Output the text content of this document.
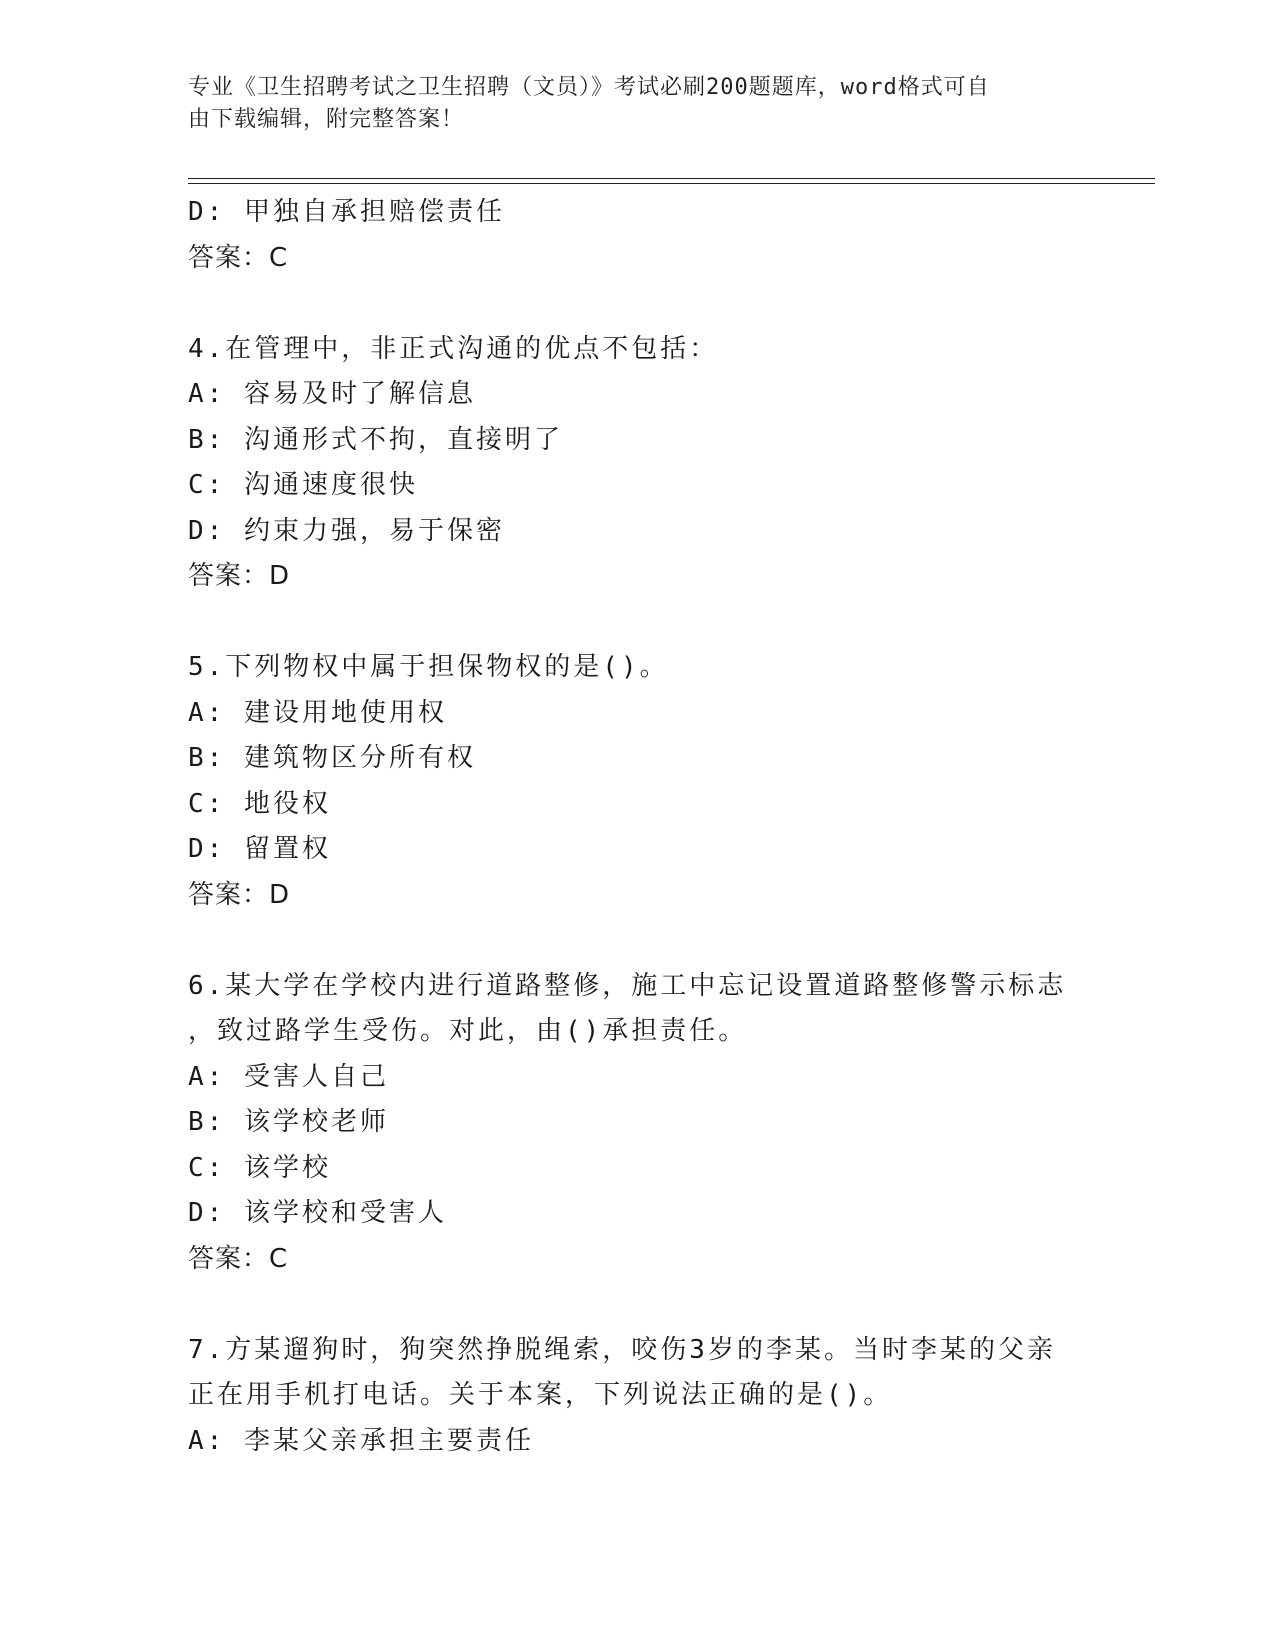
专业《卫生招聘考试之卫生招聘（文员）》考试必刷200题题库，word格式可自
由下载编辑，附完整答案！
D: 甲独自承担赔偿责任
答案：C
4.在管理中，非正式沟通的优点不包括：
A: 容易及时了解信息
B: 沟通形式不拘，直接明了
C: 沟通速度很快
D: 约束力强，易于保密
答案：D
5.下列物权中属于担保物权的是()。
A: 建设用地使用权
B: 建筑物区分所有权
C: 地役权
D: 留置权
答案：D
6.某大学在学校内进行道路整修，施工中忘记设置道路整修警示标志
，致过路学生受伤。对此，由()承担责任。
A: 受害人自己
B: 该学校老师
C: 该学校
D: 该学校和受害人
答案：C
7.方某遛狗时，狗突然挣脱绳索，咬伤3岁的李某。当时李某的父亲
正在用手机打电话。关于本案，下列说法正确的是()。
A: 李某父亲承担主要责任
